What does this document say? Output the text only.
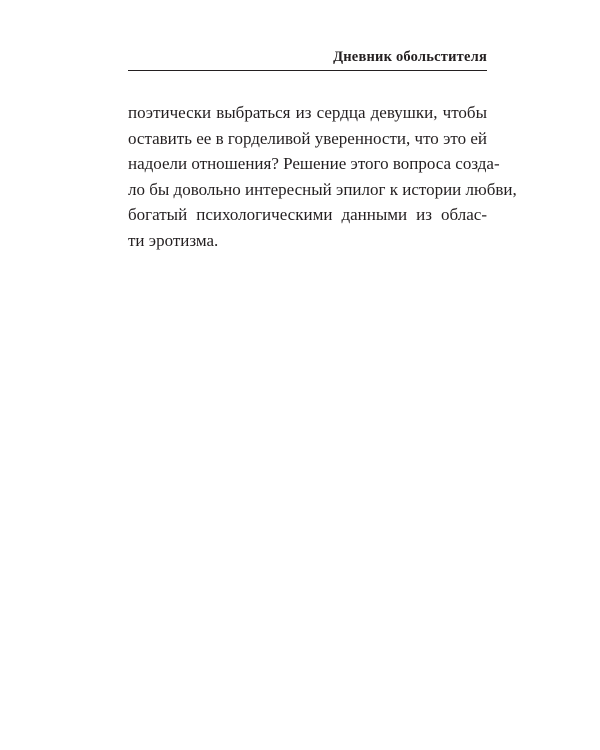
Дневник обольстителя
поэтически выбраться из сердца девушки, чтобы
оставить ее в горделивой уверенности, что это ей
надоели отношения? Решение этого вопроса созда-
ло бы довольно интересный эпилог к истории любви,
богатый психологическими данными из облас-
ти эротизма.
